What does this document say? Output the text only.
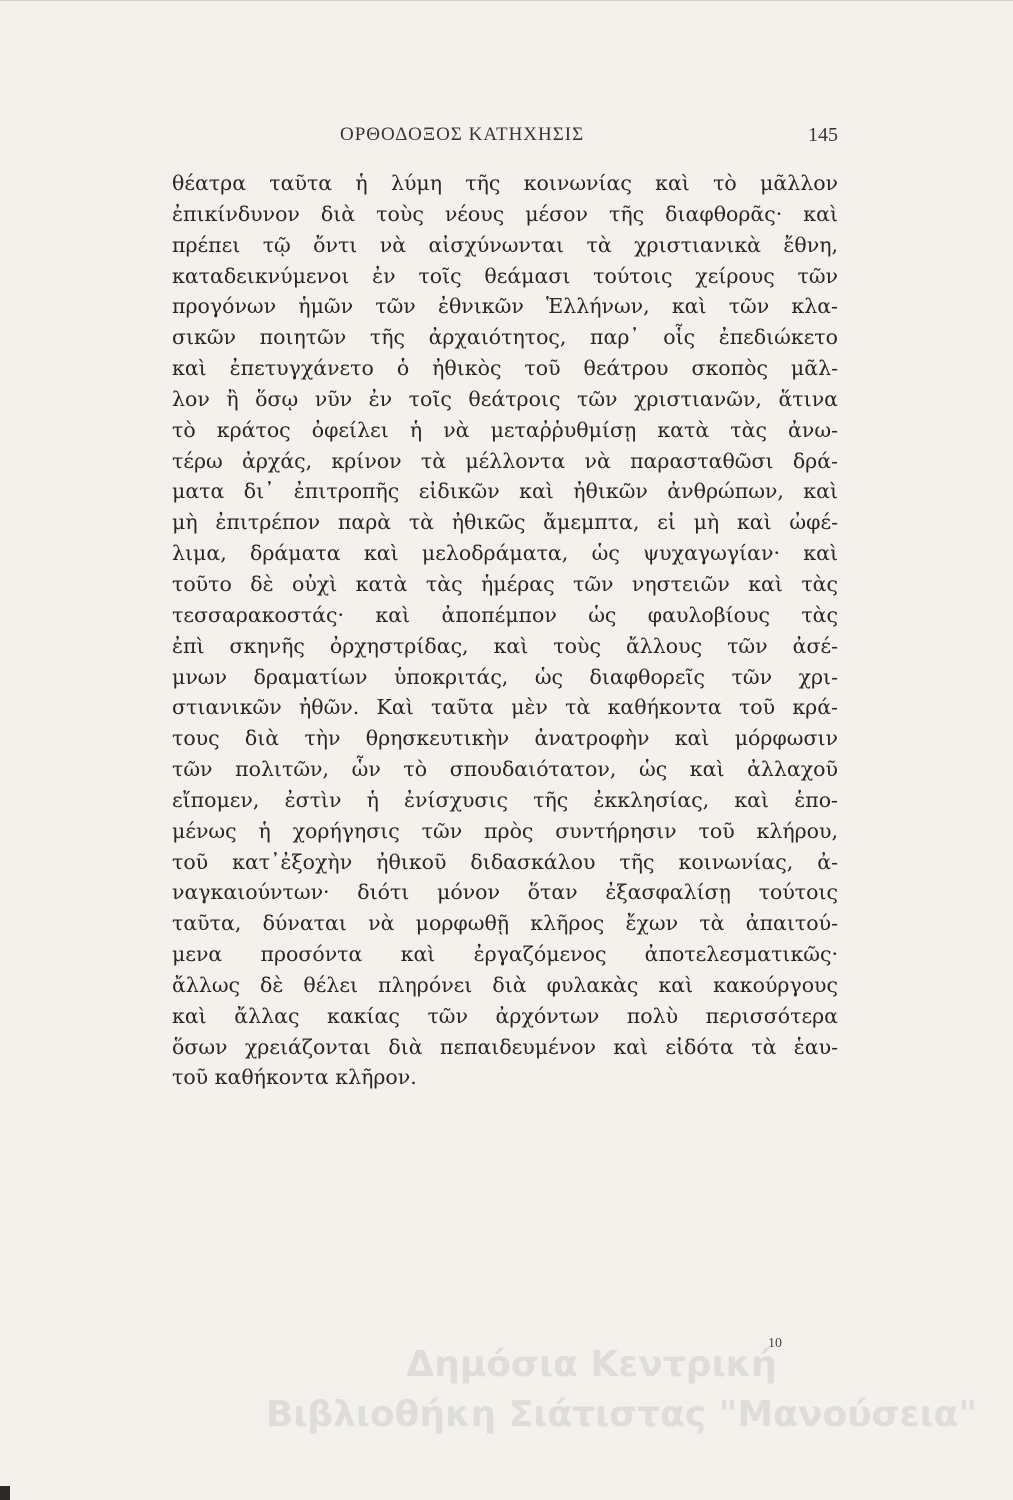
ΟΡΘΟΔΟΞΟΣ ΚΑΤΗΧΗΣΙΣ	145
θέατρα ταῦτα ἡ λύμη τῆς κοινωνίας καὶ τὸ μᾶλλον
ἐπικίνδυνον διὰ τοὺς νέους μέσον τῆς διαφθορᾶς· καὶ
πρέπει τῷ ὄντι νὰ αἰσχύνωνται τὰ χριστιανικὰ ἔθνη,
καταδεικνύμενοι ἐν τοῖς θεάμασι τούτοις χείρους τῶν
προγόνων ἡμῶν τῶν ἐθνικῶν Ἑλλήνων, καὶ τῶν κλα-
σικῶν ποιητῶν τῆς ἀρχαιότητος, παρ᾽ οἷς ἐπεδιώκετο
καὶ ἐπετυγχάνετο ὁ ἠθικὸς τοῦ θεάτρου σκοπὸς μᾶλ-
λον ἢ ὅσῳ νῦν ἐν τοῖς θεάτροις τῶν χριστιανῶν, ἅτινα
τὸ κράτος ὀφείλει ἡ νὰ μεταῤῥυθμίσῃ κατὰ τὰς ἀνω-
τέρω ἀρχάς, κρίνον τὰ μέλλοντα νὰ παρασταθῶσι δρά-
ματα δι᾽ ἐπιτροπῆς εἰδικῶν καὶ ἠθικῶν ἀνθρώπων, καὶ
μὴ ἐπιτρέπον παρὰ τὰ ἠθικῶς ἄμεμπτα, εἰ μὴ καὶ ὠφέ-
λιμα, δράματα καὶ μελοδράματα, ὡς ψυχαγωγίαν· καὶ
τοῦτο δὲ οὐχὶ κατὰ τὰς ἡμέρας τῶν νηστειῶν καὶ τὰς
τεσσαρακοστάς· καὶ ἀποπέμπον ὡς φαυλοβίους τὰς
ἐπὶ σκηνῆς ὀρχηστρίδας, καὶ τοὺς ἄλλους τῶν ἀσέ-
μνων δραματίων ὑποκριτάς, ὡς διαφθορεῖς τῶν χρι-
στιανικῶν ἠθῶν. Καὶ ταῦτα μὲν τὰ καθήκοντα τοῦ κρά-
τους διὰ τὴν θρησκευτικὴν ἀνατροφὴν καὶ μόρφωσιν
τῶν πολιτῶν, ὧν τὸ σπουδαιότατον, ὡς καὶ ἀλλαχοῦ
εἴπομεν, ἐστὶν ἡ ἐνίσχυσις τῆς ἐκκλησίας, καὶ ἑπο-
μένως ἡ χορήγησις τῶν πρὸς συντήρησιν τοῦ κλήρου,
τοῦ κατ᾽ἐξοχὴν ἠθικοῦ διδασκάλου τῆς κοινωνίας, ἀ-
ναγκαιούντων· διότι μόνον ὅταν ἐξασφαλίσῃ τούτοις
ταῦτα, δύναται νὰ μορφωθῇ κλῆρος ἔχων τὰ ἀπαιτού-
μενα προσόντα καὶ ἐργαζόμενος ἀποτελεσματικῶς·
ἄλλως δὲ θέλει πληρόνει διὰ φυλακὰς καὶ κακούργους
καὶ ἄλλας κακίας τῶν ἀρχόντων πολὺ περισσότερα
ὅσων χρειάζονται διὰ πεπαιδευμένον καὶ εἰδότα τὰ ἑαυ-
τοῦ καθήκοντα κλῆρον.
10
Δημόσια Κεντρική
Βιβλιοθήκη Σιάτιστας "Μανούσεια"
